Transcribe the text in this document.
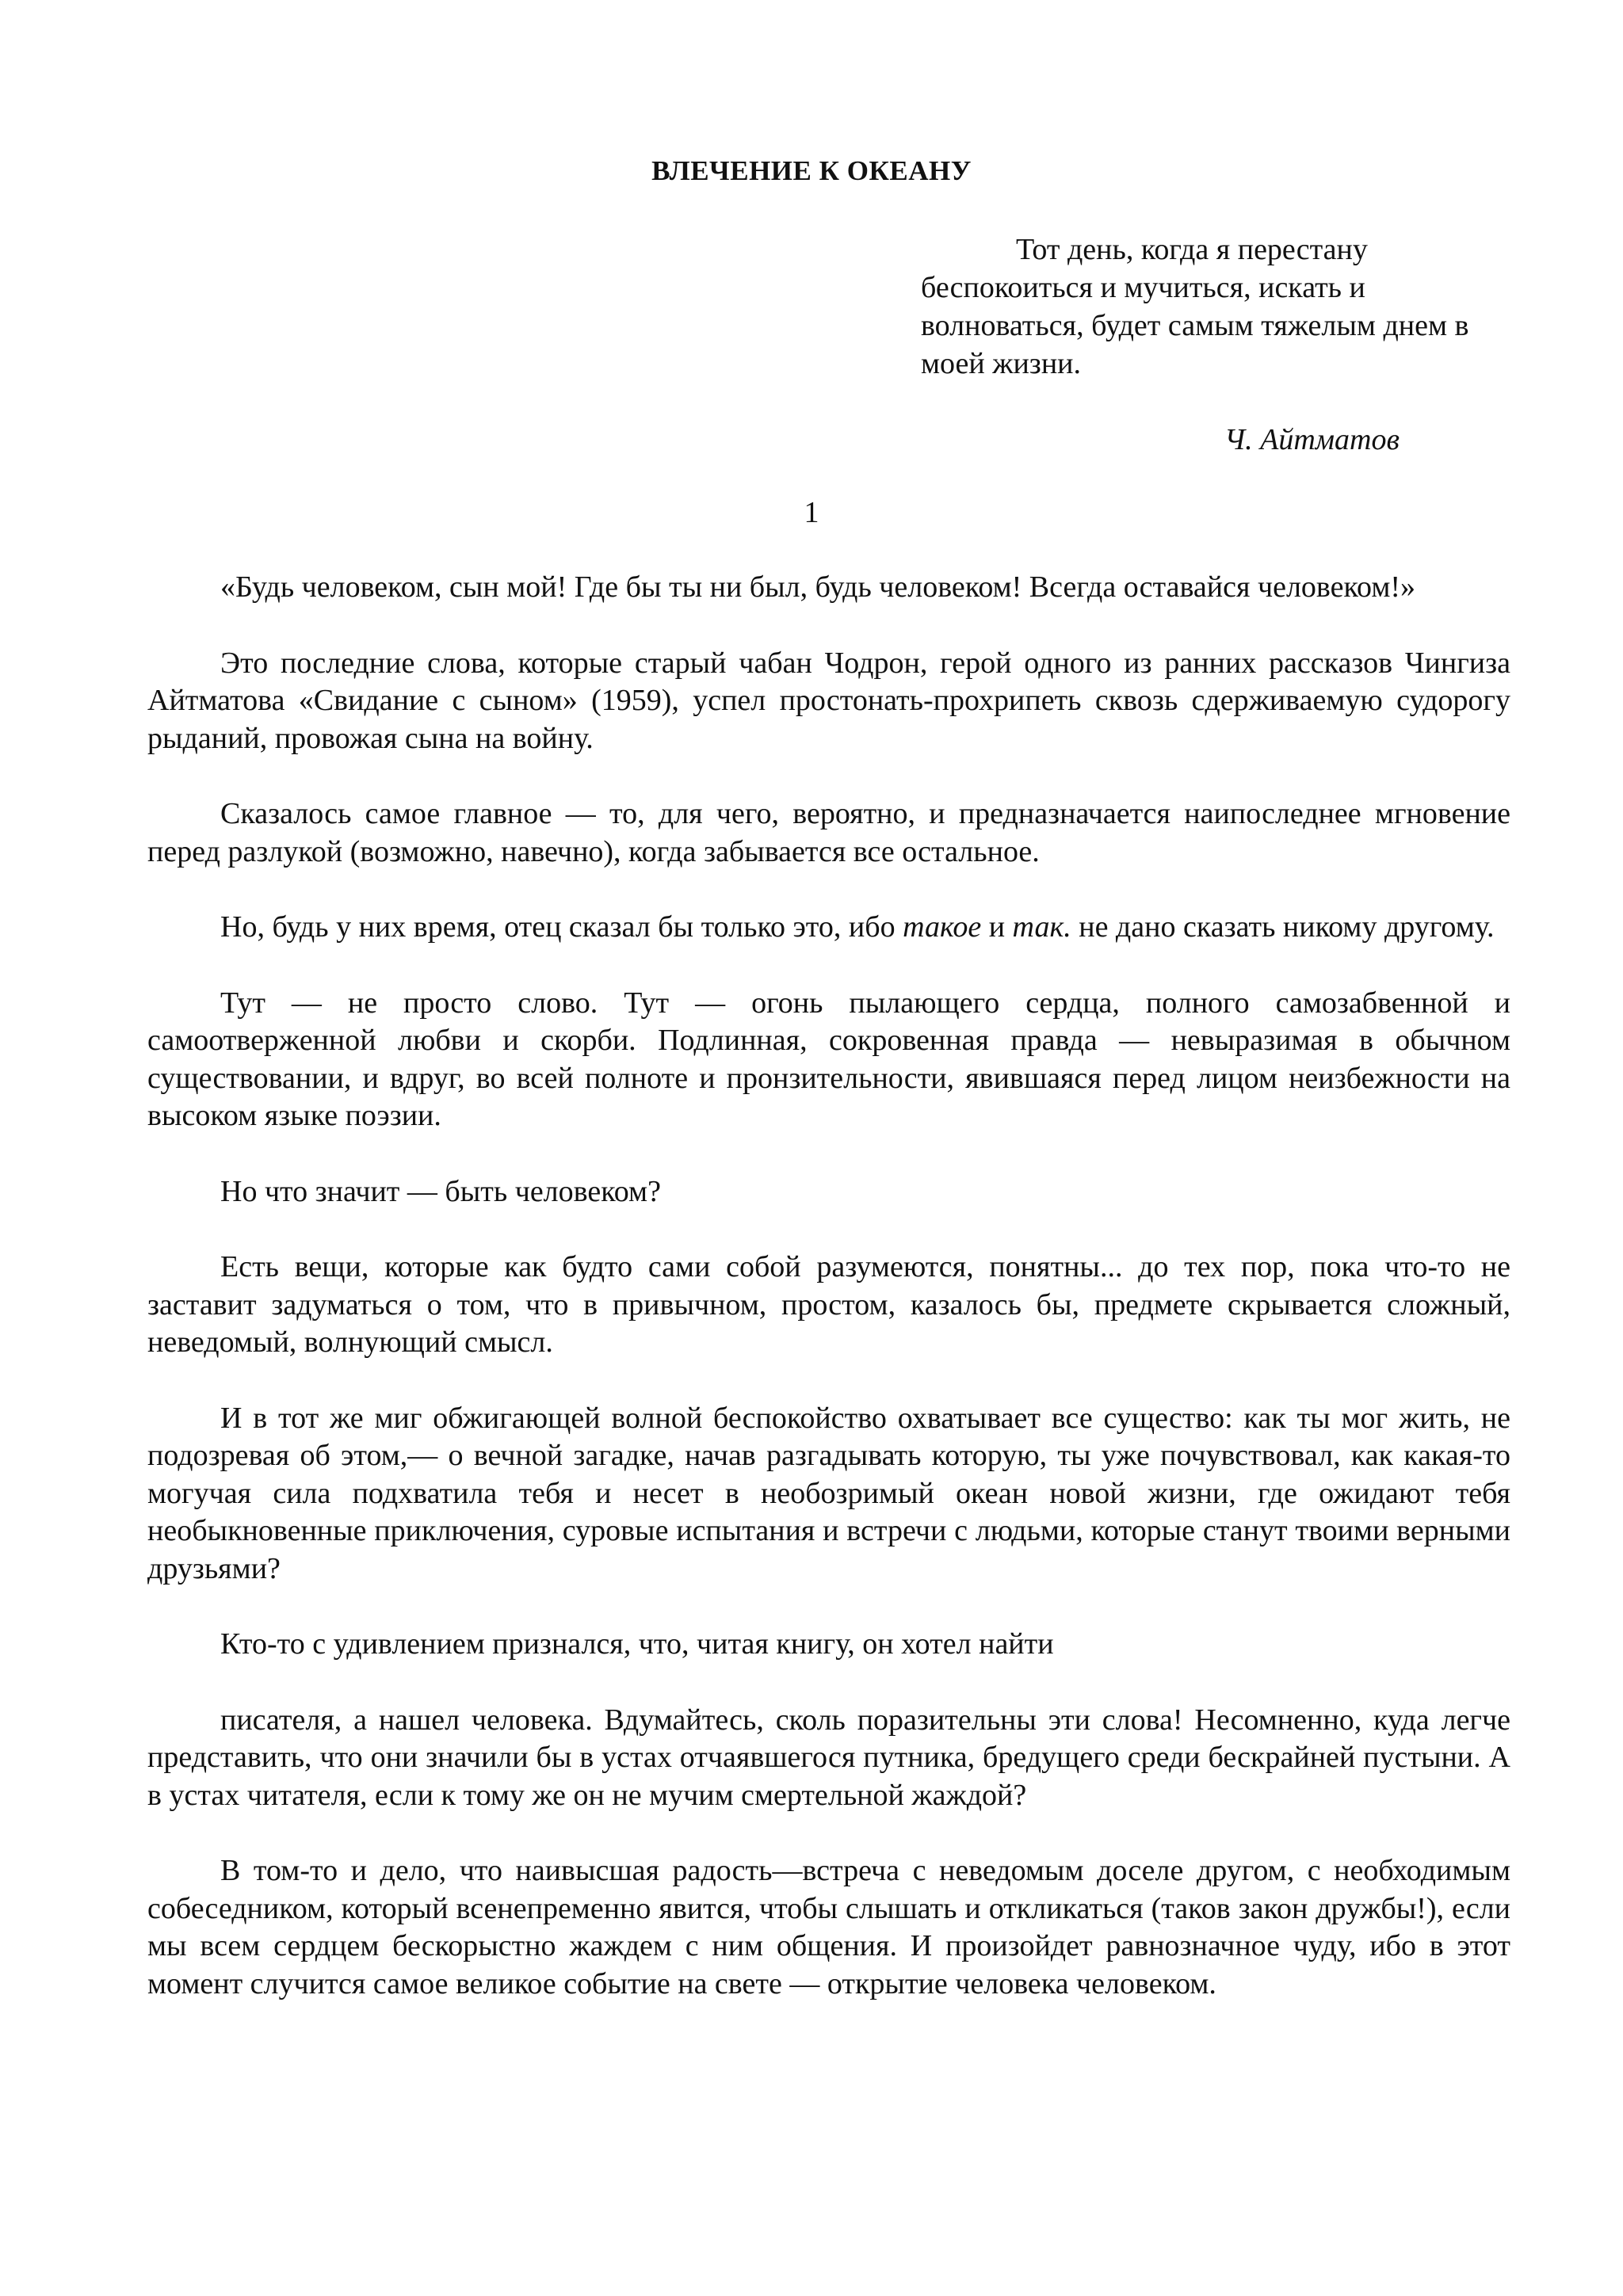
ВЛЕЧЕНИЕ К ОКЕАНУ

Тот день, когда я перестану беспокоиться и мучиться, искать и волноваться, будет самым тяжелым днем в моей жизни.

Ч. Айтматов

1

«Будь человеком, сын мой! Где бы ты ни был, будь человеком! Всегда оставайся человеком!»

Это последние слова, которые старый чабан Чодрон, герой одного из ранних рассказов Чингиза Айтматова «Свидание с сыном» (1959), успел простонать-прохрипеть сквозь сдерживаемую судорогу рыданий, провожая сына на войну.

Сказалось самое главное — то, для чего, вероятно, и предназначается наипоследнее мгновение перед разлукой (возможно, навечно), когда забывается все остальное.

Но, будь у них время, отец сказал бы только это, ибо такое и так. не дано сказать никому другому.

Тут — не просто слово. Тут — огонь пылающего сердца, полного самозабвенной и самоотверженной любви и скорби. Подлинная, сокровенная правда — невыразимая в обычном существовании, и вдруг, во всей полноте и пронзительности, явившаяся перед лицом неизбежности на высоком языке поэзии.

Но что значит — быть человеком?

Есть вещи, которые как будто сами собой разумеются, понятны... до тех пор, пока что-то не заставит задуматься о том, что в привычном, простом, казалось бы, предмете скрывается сложный, неведомый, волнующий смысл.

И в тот же миг обжигающей волной беспокойство охватывает все существо: как ты мог жить, не подозревая об этом,— о вечной загадке, начав разгадывать которую, ты уже почувствовал, как какая-то могучая сила подхватила тебя и несет в необозримый океан новой жизни, где ожидают тебя необыкновенные приключения, суровые испытания и встречи с людьми, которые станут твоими верными друзьями?

Кто-то с удивлением признался, что, читая книгу, он хотел найти

писателя, а нашел человека. Вдумайтесь, сколь поразительны эти слова! Несомненно, куда легче представить, что они значили бы в устах отчаявшегося путника, бредущего среди бескрайней пустыни. А в устах читателя, если к тому же он не мучим смертельной жаждой?

В том-то и дело, что наивысшая радость—встреча с неведомым доселе другом, с необходимым собеседником, который всенепременно явится, чтобы слышать и откликаться (таков закон дружбы!), если мы всем сердцем бескорыстно жаждем с ним общения. И произойдет равнозначное чуду, ибо в этот момент случится самое великое событие на свете — открытие человека человеком.
